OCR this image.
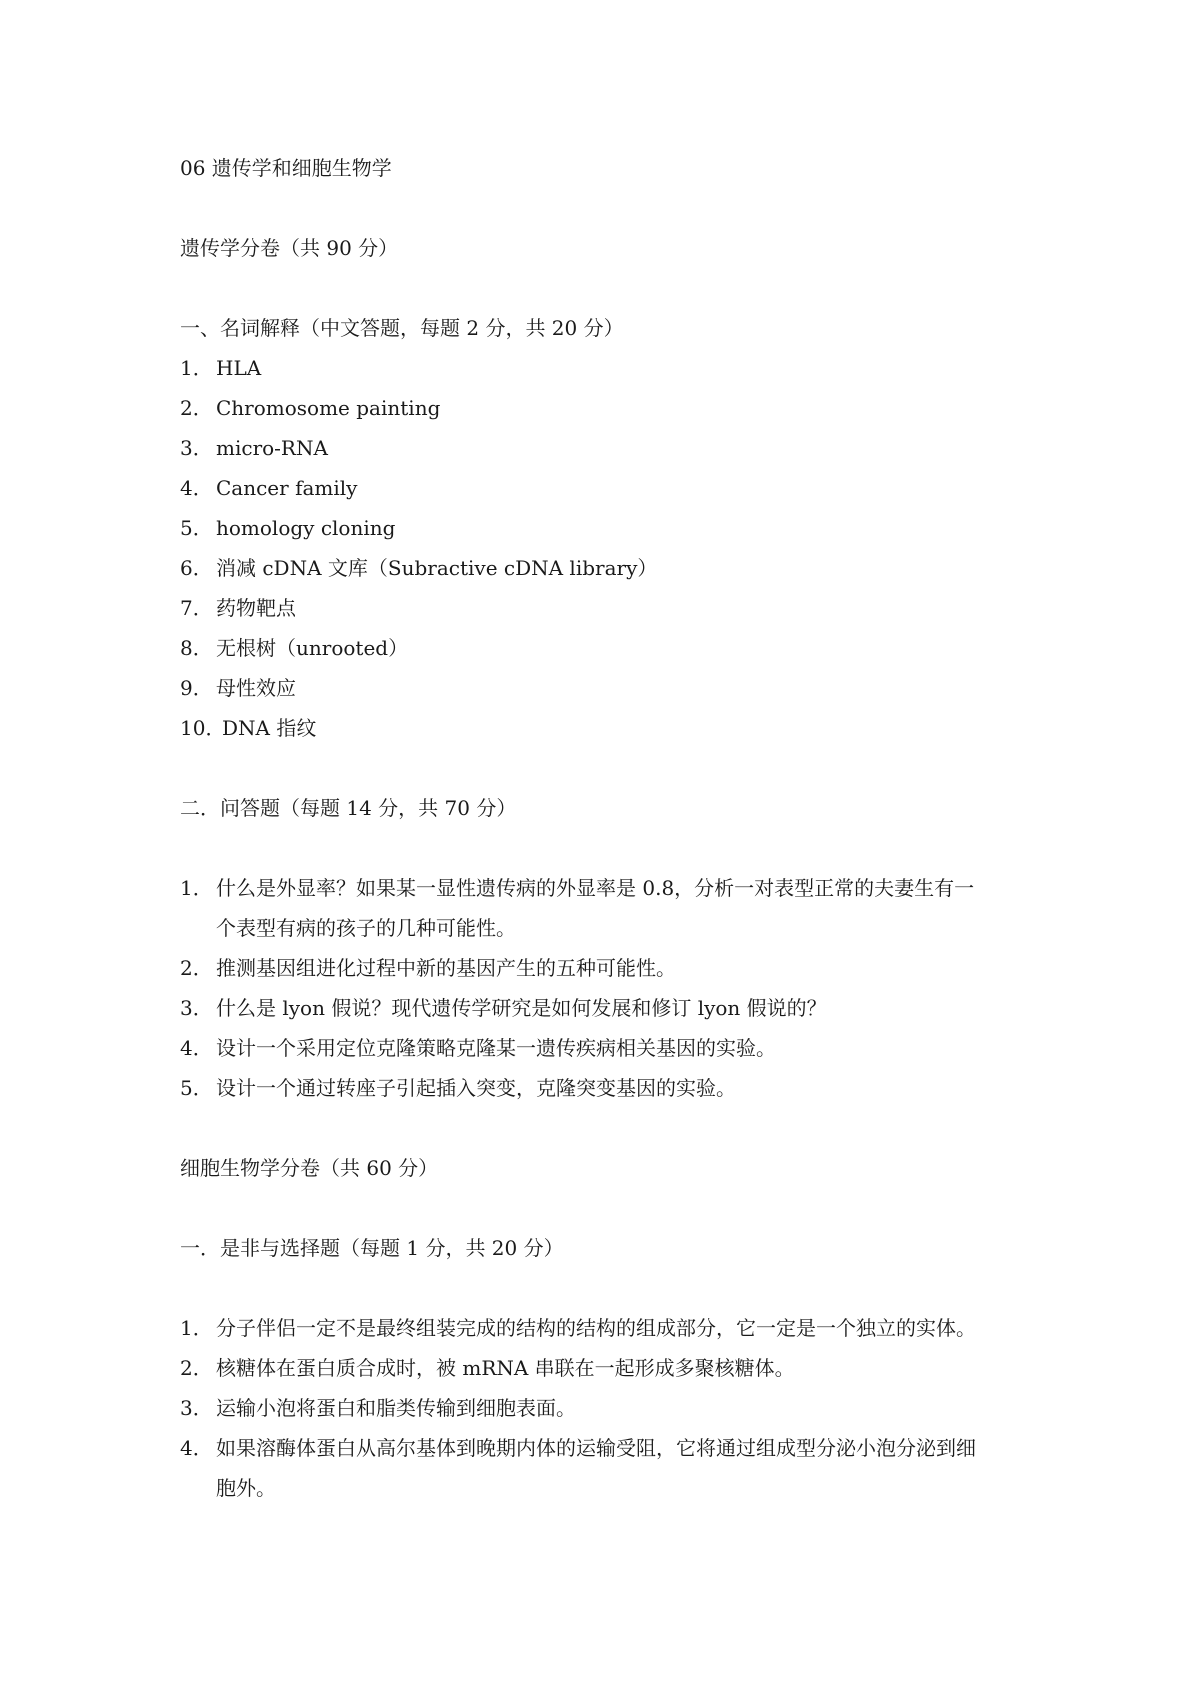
06 遗传学和细胞生物学
遗传学分卷（共 90 分）
一、名词解释（中文答题，每题 2 分，共 20 分）
1． HLA
2． Chromosome painting
3． micro-RNA
4． Cancer family
5． homology cloning
6． 消减 cDNA 文库（Subractive cDNA library）
7． 药物靶点
8． 无根树（unrooted）
9． 母性效应
10．DNA 指纹
二．问答题（每题 14 分，共 70 分）
1． 什么是外显率？如果某一显性遗传病的外显率是 0.8，分析一对表型正常的夫妻生有一
个表型有病的孩子的几种可能性。
2． 推测基因组进化过程中新的基因产生的五种可能性。
3． 什么是 lyon 假说？现代遗传学研究是如何发展和修订 lyon 假说的？
4． 设计一个采用定位克隆策略克隆某一遗传疾病相关基因的实验。
5． 设计一个通过转座子引起插入突变，克隆突变基因的实验。
细胞生物学分卷（共 60 分）
一．是非与选择题（每题 1 分，共 20 分）
1． 分子伴侣一定不是最终组装完成的结构的结构的组成部分，它一定是一个独立的实体。
2． 核糖体在蛋白质合成时，被 mRNA 串联在一起形成多聚核糖体。
3． 运输小泡将蛋白和脂类传输到细胞表面。
4． 如果溶酶体蛋白从高尔基体到晚期内体的运输受阻，它将通过组成型分泌小泡分泌到细
胞外。
